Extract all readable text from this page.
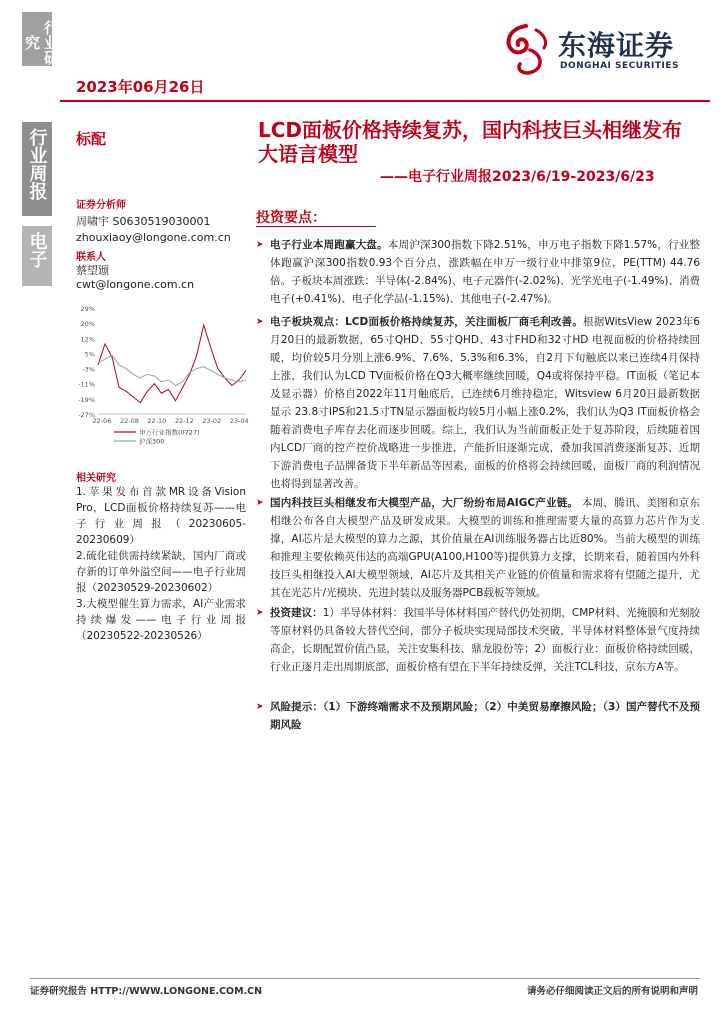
行业研究
行业周报
电子
2023年06月26日
东海证券
DONGHAI SECURITIES
标配	LCD面板价格持续复苏，国内科技巨头相继发布大语言模型
——电子行业周报2023/6/19-2023/6/23
证券分析师
周啸宇 S0630519030001
zhouxiaoy@longone.com.cn
联系人
蔡望颋
cwt@longone.com.cn
29%
20%
12%
5%
-3%
-11%
-19%
-27%
22-06 22-08 22-10 22-12 23-02 23-04
申万行业指数(0727)
沪深300
相关研究
1.苹果发布首款MR设备Vision Pro，LCD面板价格持续复苏——电子行业周报（20230605-20230609）
2.硫化硅供需持续紧缺，国内厂商或存新的订单外溢空间——电子行业周报（20230529-20230602）
3.大模型催生算力需求，AI产业需求持续爆发——电子行业周报（20230522-20230526）
投资要点：
➤ 电子行业本周跑赢大盘。本周沪深300指数下降2.51%，申万电子指数下降1.57%，行业整体跑赢沪深300指数0.93个百分点，涨跌幅在申万一级行业中排第9位，PE(TTM) 44.76倍。子板块本周涨跌：半导体(-2.84%)、电子元器件(-2.02%)、光学光电子(-1.49%)、消费电子(+0.41%)、电子化学品(-1.15%)、其他电子(-2.47%)。
➤ 电子板块观点：LCD面板价格持续复苏，关注面板厂商毛利改善。根据WitsView 2023年6月20日的最新数据，65寸QHD、55寸QHD、43寸FHD和32寸HD 电视面板的价格持续回暖，均价较5月分别上涨6.9%、7.6%、5.3%和6.3%，自2月下旬触底以来已连续4月保持上涨，我们认为LCD TV面板价格在Q3大概率继续回暖，Q4或将保持平稳。IT面板（笔记本及显示器）价格自2022年11月触底后，已连续6月维持稳定，Witsview 6月20日最新数据显示 23.8寸IPS和21.5寸TN显示器面板均较5月小幅上涨0.2%，我们认为Q3 IT面板价格会随着消费电子库存去化而逐步回暖。综上，我们认为当前面板正处于复苏阶段，后续随着国内LCD厂商的控产控价战略进一步推进，产能折旧逐渐完成，叠加我国消费逐渐复苏、近期下游消费电子品牌备货下半年新品等因素，面板的价格将会持续回暖，面板厂商的利润情况也将得到显著改善。
➤ 国内科技巨头相继发布大模型产品，大厂纷纷布局AIGC产业链。 本周，腾讯、美图和京东相继公布各自大模型产品及研发成果。大模型的训练和推理需要大量的高算力芯片作为支撑，AI芯片是大模型的算力之源，其价值量在AI训练服务器占比近80%。当前大模型的训练和推理主要依赖英伟达的高端GPU(A100,H100等)提供算力支撑，长期来看，随着国内外科技巨头相继投入AI大模型领域，AI芯片及其相关产业链的价值量和需求将有望随之提升，尤其在光芯片/光模块、先进封装以及服务器PCB载板等领域。
➤ 投资建议：1）半导体材料：我国半导体材料国产替代仍处初期，CMP材料、光掩膜和光刻胶等原材料仍具备较大替代空间，部分子板块实现局部技术突破，半导体材料整体景气度持续高企，长期配置价值凸显，关注安集科技、鼎龙股份等；2）面板行业：面板价格持续回暖，行业正逐月走出周期底部，面板价格有望在下半年持续反弹，关注TCL科技，京东方A等。
➤ 风险提示：（1）下游终端需求不及预期风险；（2）中美贸易摩擦风险；（3）国产替代不及预期风险
证券研究报告 HTTP://WWW.LONGONE.COM.CN	请务必仔细阅读正文后的所有说明和声明
